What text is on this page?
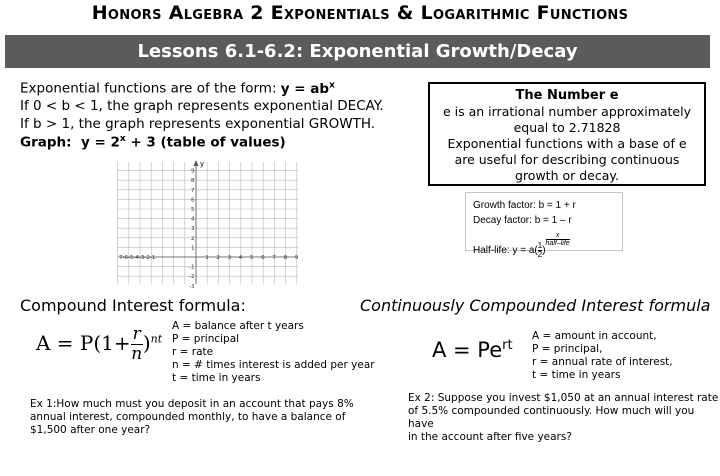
Honors Algebra 2 Exponentials & Logarithmic Functions
Lessons 6.1-6.2: Exponential Growth/Decay
Exponential functions are of the form: $y = ab^x$
If 0 < b < 1, the graph represents exponential DECAY.
If b > 1, the graph represents exponential GROWTH.
Graph: $y = 2^x + 3$ (table of values)
The Number e
e is an irrational number approximately
equal to 2.71828
Exponential functions with a base of e
are useful for describing continuous
growth or decay.
Growth factor: b = 1 + r
Decay factor: b = 1 – r
Half-life: $y = a( \frac{1}{2}$ )
$^{x half-life}$
y
7-6-5-4-3-2-1	1 2 3 4 5 6 7 8 9
9
8
7
6
5
4
3
2
1
-1
-2
-3
Compound Interest formula:
$A = P(1+ \frac{r}{n} )^{nt}$
A = balance after t years
P = principal
r = rate
n = # times interest is added per year
t = time in years
Continuously Compounded Interest formula
$A = Pe^{rt}$
A = amount in account,
P = principal,
r = annual rate of interest,
t = time in years
Ex 1:How much must you deposit in an account that pays 8%
annual interest, compounded monthly, to have a balance of
$1,500 after one year?
Ex 2: Suppose you invest $1,050 at an annual interest rate
of 5.5% compounded continuously. How much will you have
in the account after five years?
